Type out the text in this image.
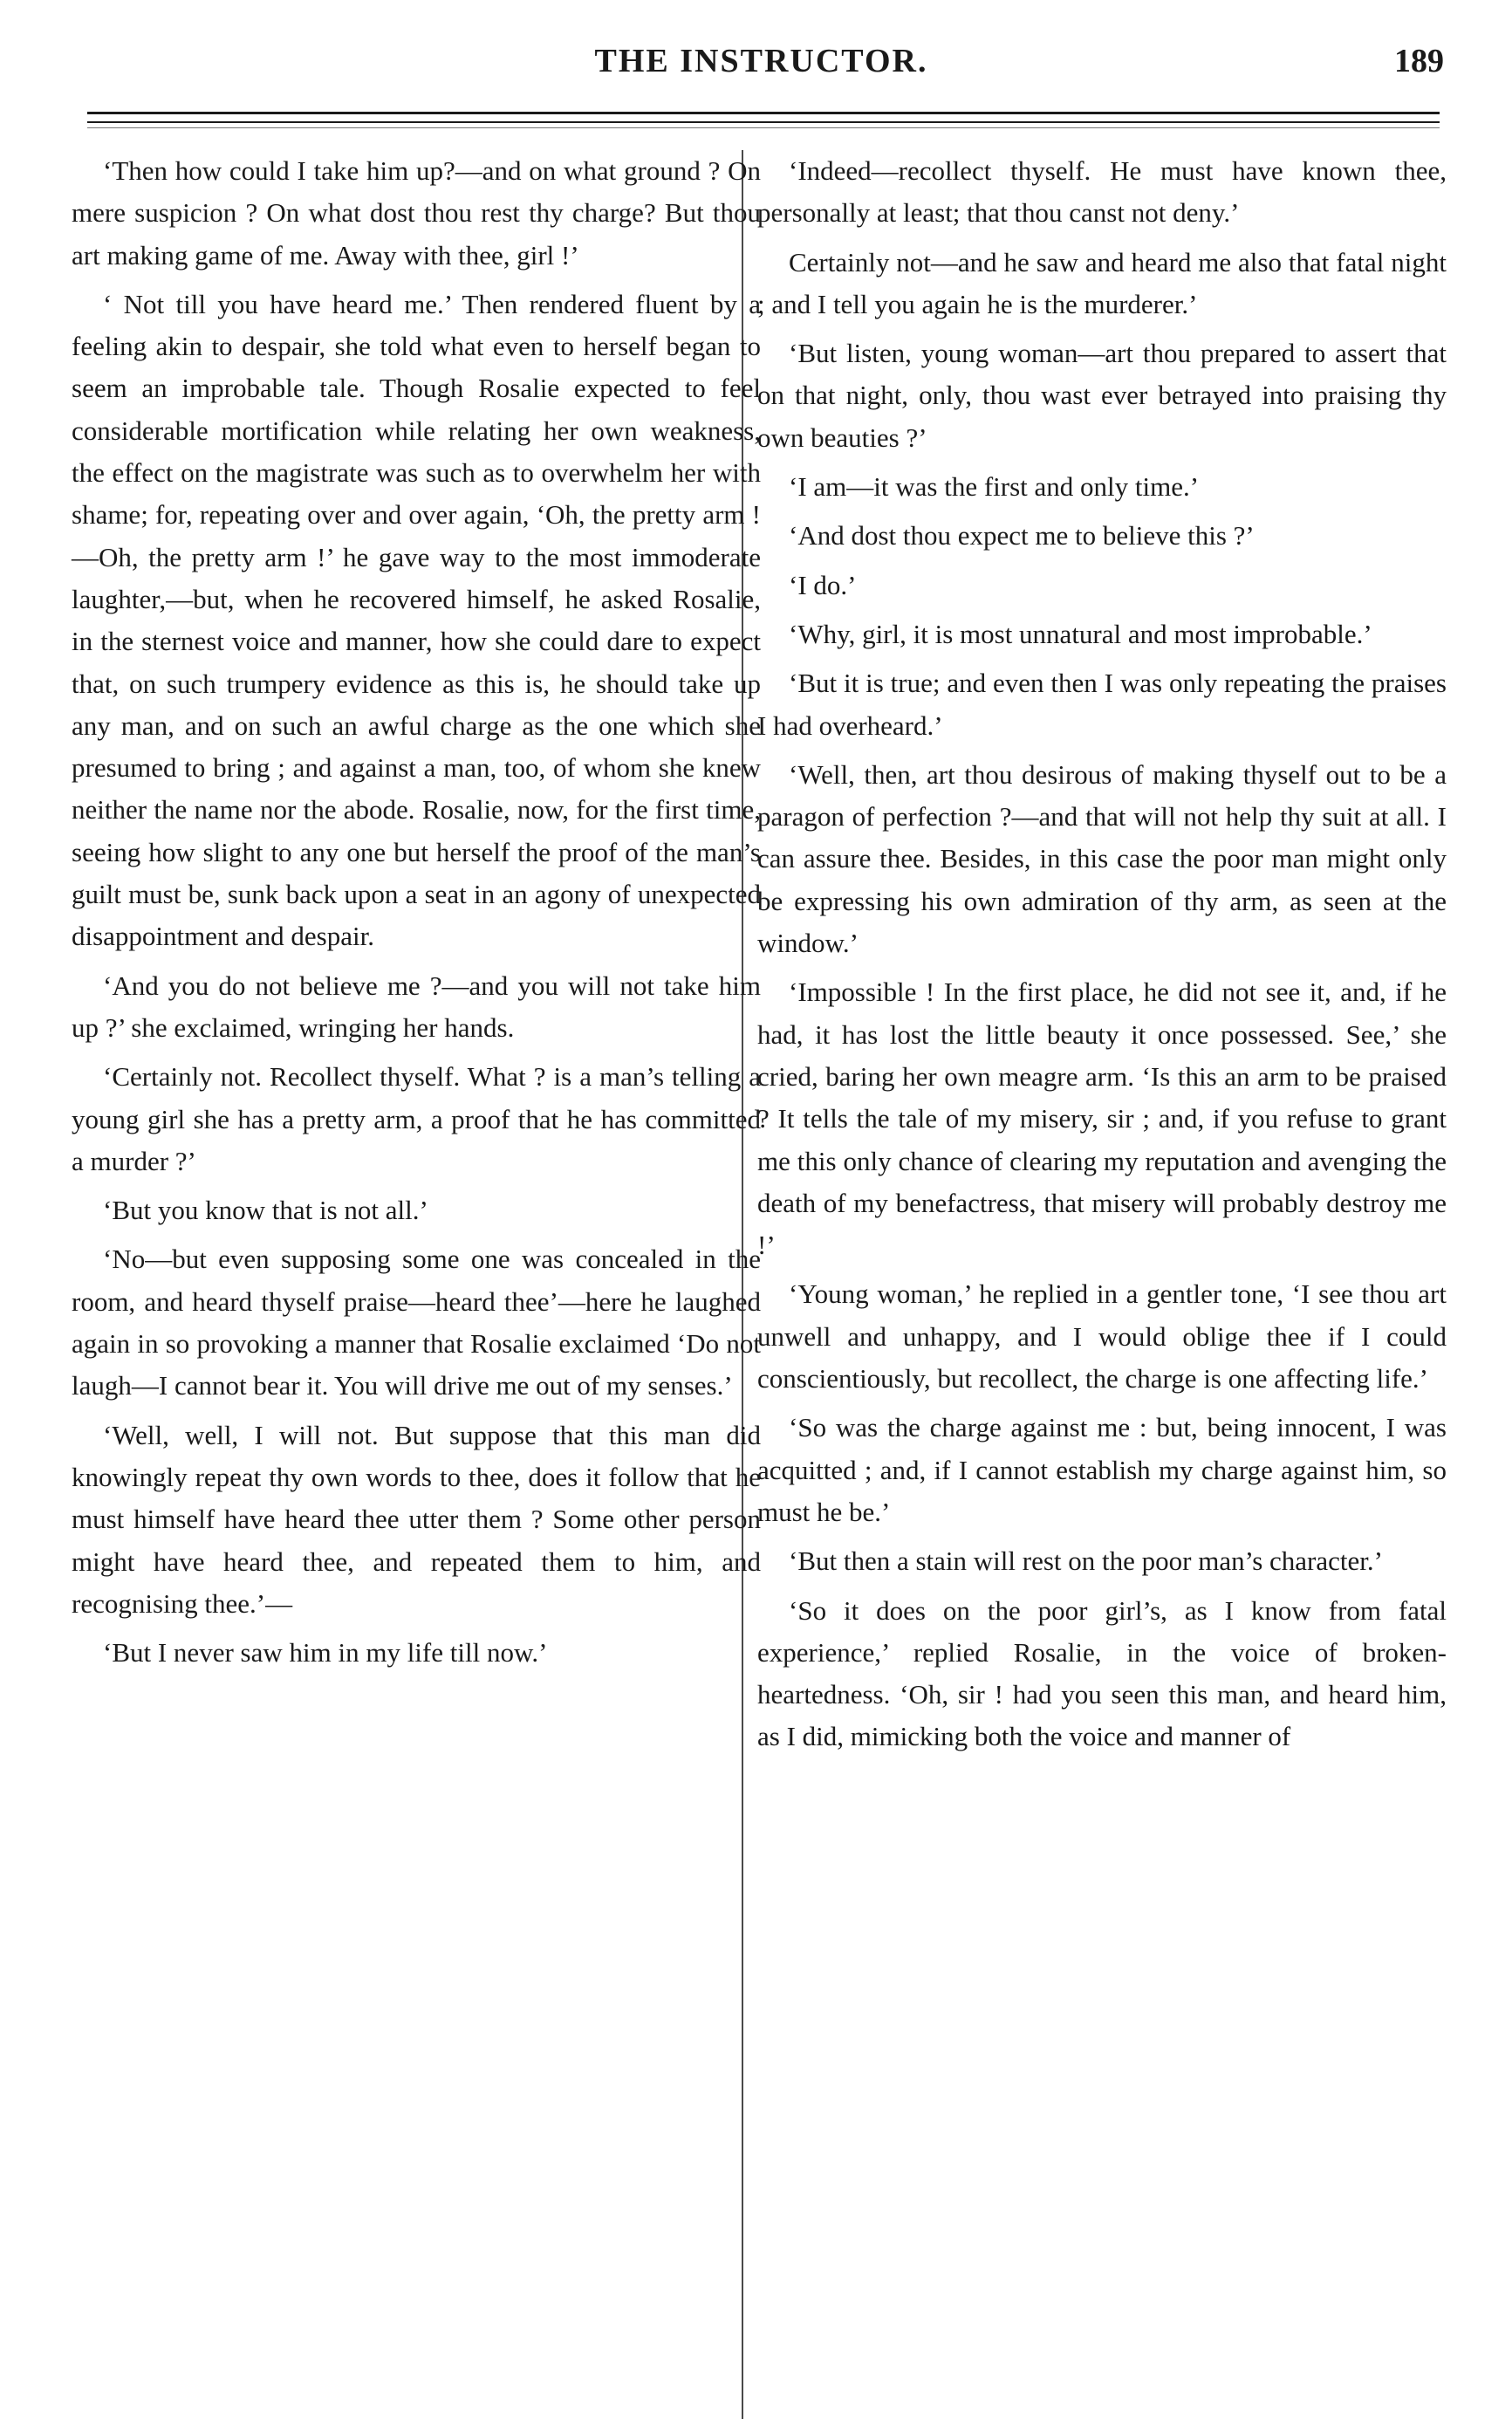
THE INSTRUCTOR.	189

‘Then how could I take him up?—and on what ground ? On mere suspicion ? On what dost thou rest thy charge? But thou art making game of me. Away with thee, girl !’

‘ Not till you have heard me.’ Then rendered fluent by a feeling akin to despair, she told what even to herself began to seem an improbable tale. Though Rosalie expected to feel considerable mortification while relating her own weakness, the effect on the magistrate was such as to overwhelm her with shame; for, repeating over and over again, ‘Oh, the pretty arm !—Oh, the pretty arm !’ he gave way to the most immoderate laughter,—but, when he recovered himself, he asked Rosalie, in the sternest voice and manner, how she could dare to expect that, on such trumpery evidence as this is, he should take up any man, and on such an awful charge as the one which she presumed to bring ; and against a man, too, of whom she knew neither the name nor the abode. Rosalie, now, for the first time, seeing how slight to any one but herself the proof of the man’s guilt must be, sunk back upon a seat in an agony of unexpected disappointment and despair.

‘And you do not believe me ?—and you will not take him up ?’ she exclaimed, wringing her hands.

‘Certainly not. Recollect thyself. What ? is a man’s telling a young girl she has a pretty arm, a proof that he has committed a murder ?’

‘But you know that is not all.’

‘No—but even supposing some one was concealed in the room, and heard thyself praise—heard thee’—here he laughed again in so provoking a manner that Rosalie exclaimed ‘Do not laugh—I cannot bear it. You will drive me out of my senses.’

‘Well, well, I will not. But suppose that this man did knowingly repeat thy own words to thee, does it follow that he must himself have heard thee utter them ? Some other person might have heard thee, and repeated them to him, and recognising thee.’—

‘But I never saw him in my life till now.’

‘Indeed—recollect thyself. He must have known thee, personally at least; that thou canst not deny.’

Certainly not—and he saw and heard me also that fatal night ; and I tell you again he is the murderer.’

‘But listen, young woman—art thou prepared to assert that on that night, only, thou wast ever betrayed into praising thy own beauties ?’

‘I am—it was the first and only time.’

‘And dost thou expect me to believe this ?’

‘I do.’

‘Why, girl, it is most unnatural and most improbable.’

‘But it is true; and even then I was only repeating the praises I had overheard.’

‘Well, then, art thou desirous of making thyself out to be a paragon of perfection ?—and that will not help thy suit at all. I can assure thee. Besides, in this case the poor man might only be expressing his own admiration of thy arm, as seen at the window.’

‘Impossible ! In the first place, he did not see it, and, if he had, it has lost the little beauty it once possessed. See,’ she cried, baring her own meagre arm. ‘Is this an arm to be praised ? It tells the tale of my misery, sir ; and, if you refuse to grant me this only chance of clearing my reputation and avenging the death of my benefactress, that misery will probably destroy me !’

‘Young woman,’ he replied in a gentler tone, ‘I see thou art unwell and unhappy, and I would oblige thee if I could conscientiously, but recollect, the charge is one affecting life.’

‘So was the charge against me : but, being innocent, I was acquitted ; and, if I cannot establish my charge against him, so must he be.’

‘But then a stain will rest on the poor man’s character.’

‘So it does on the poor girl’s, as I know from fatal experience,’ replied Rosalie, in the voice of broken-heartedness. ‘Oh, sir ! had you seen this man, and heard him, as I did, mimicking both the voice and manner of
